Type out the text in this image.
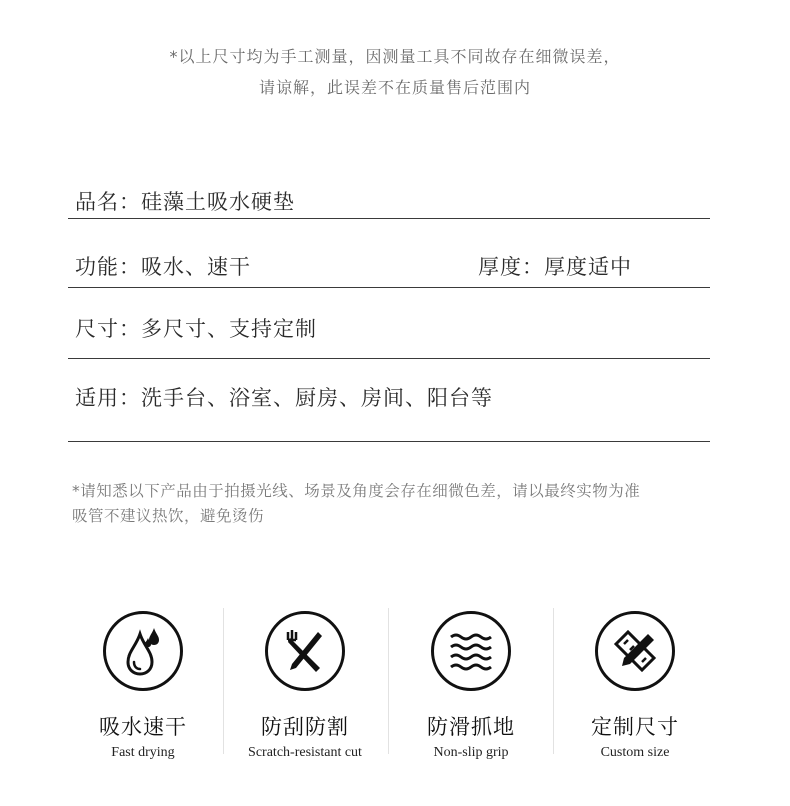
*以上尺寸均为手工测量，因测量工具不同故存在细微误差，
请谅解，此误差不在质量售后范围内
品名：硅藻土吸水硬垫
功能：吸水、速干	厚度：厚度适中
尺寸：多尺寸、支持定制
适用：洗手台、浴室、厨房、房间、阳台等
*请知悉以下产品由于拍摄光线、场景及角度会存在细微色差，请以最终实物为准
吸管不建议热饮，避免烫伤
吸水速干
Fast drying
防刮防割
Scratch-resistant cut
防滑抓地
Non-slip grip
定制尺寸
Custom size
